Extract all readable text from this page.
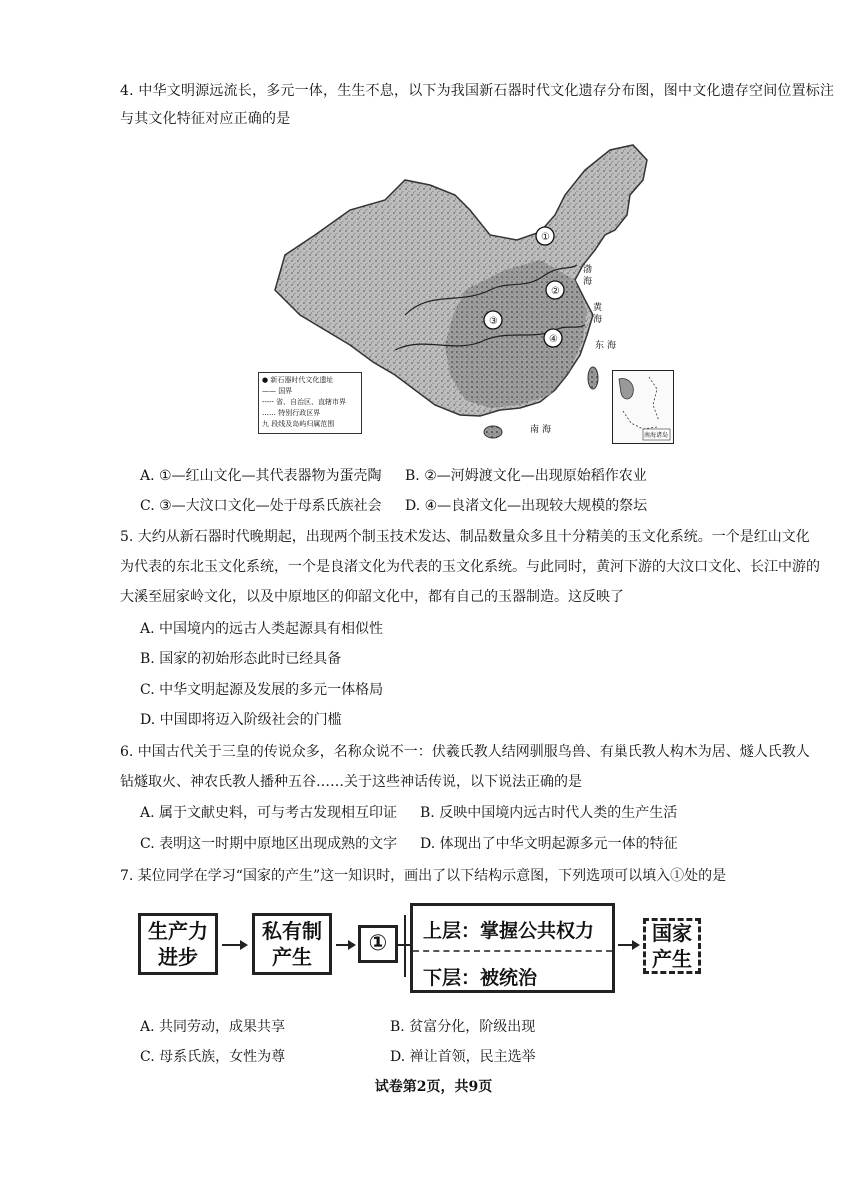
4. 中华文明源远流长，多元一体，生生不息，以下为我国新石器时代文化遗存分布图，图中文化遗存空间位置标注
与其文化特征对应正确的是
①
②
③
④
渤
海
黄
海
东 海
南 海
● 新石器时代文化遗址
—— 国界
----- 省、自治区、直辖市界
…… 特别行政区界
九 段线及岛屿归属范围
南海诸岛
A. ①—红山文化—其代表器物为蛋壳陶 B. ②—河姆渡文化—出现原始稻作农业
C. ③—大汶口文化—处于母系氏族社会 D. ④—良渚文化—出现较大规模的祭坛
5. 大约从新石器时代晚期起，出现两个制玉技术发达、制品数量众多且十分精美的玉文化系统。一个是红山文化
为代表的东北玉文化系统，一个是良渚文化为代表的玉文化系统。与此同时，黄河下游的大汶口文化、长江中游的
大溪至屈家岭文化，以及中原地区的仰韶文化中，都有自己的玉器制造。这反映了
A. 中国境内的远古人类起源具有相似性
B. 国家的初始形态此时已经具备
C. 中华文明起源及发展的多元一体格局
D. 中国即将迈入阶级社会的门槛
6. 中国古代关于三皇的传说众多，名称众说不一：伏羲氏教人结网驯服鸟兽、有巢氏教人构木为居、燧人氏教人
钻燧取火、神农氏教人播种五谷……关于这些神话传说，以下说法正确的是
A. 属于文献史料，可与考古发现相互印证 B. 反映中国境内远古时代人类的生产生活
C. 表明这一时期中原地区出现成熟的文字 D. 体现出了中华文明起源多元一体的特征
7. 某位同学在学习“国家的产生”这一知识时，画出了以下结构示意图，下列选项可以填入①处的是
生产力
进步
私有制
产生
① 上层：掌握公共权力
下层：被统治
国家
产生
A. 共同劳动，成果共享	B. 贫富分化，阶级出现
C. 母系氏族，女性为尊	D. 禅让首领，民主选举
试卷第2页，共9页
